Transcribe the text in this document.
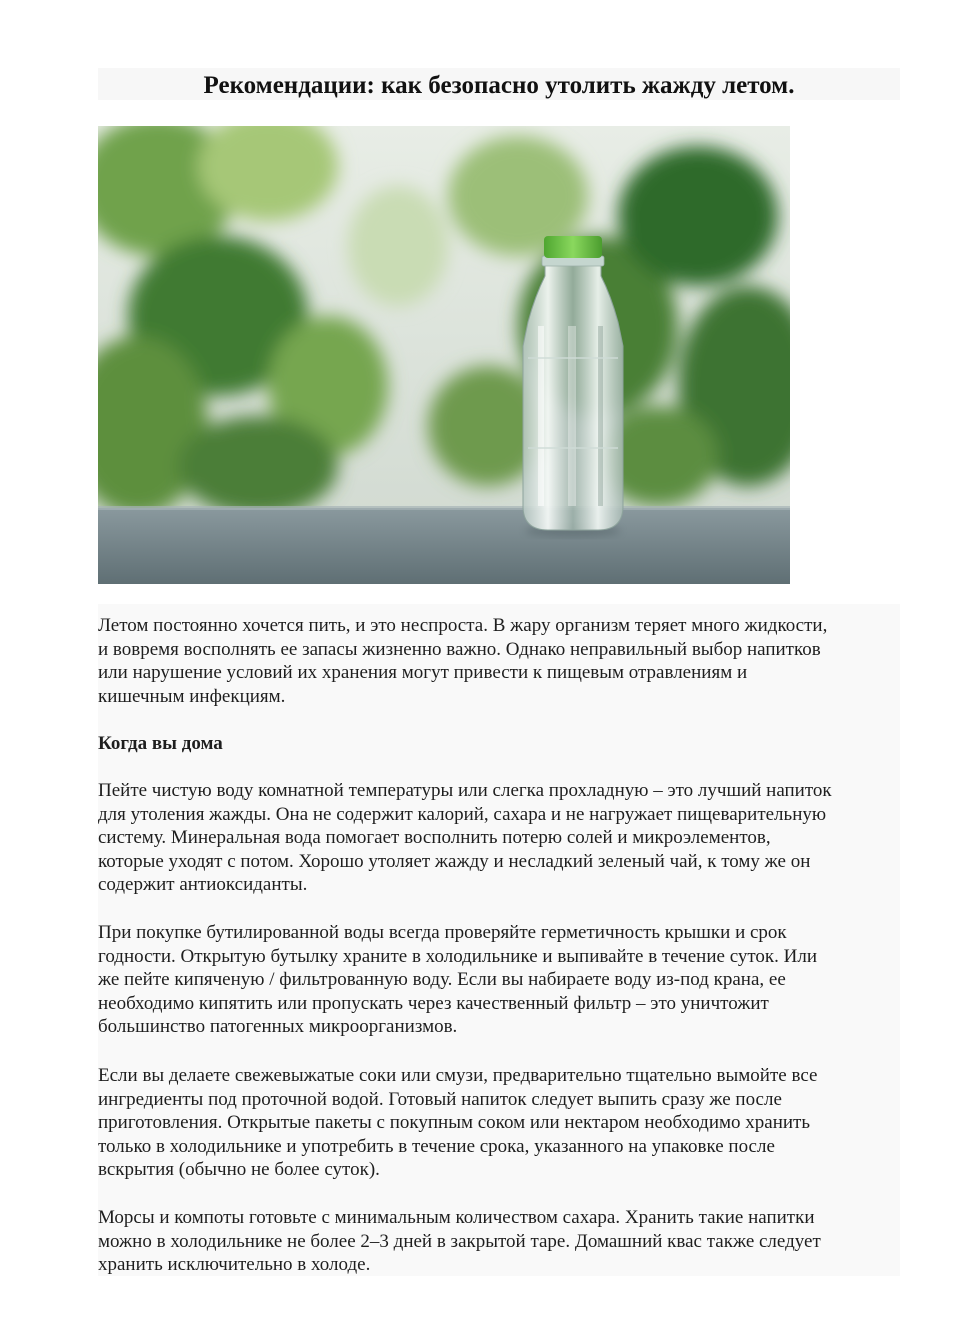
Рекомендации: как безопасно утолить жажду летом.

Летом постоянно хочется пить, и это неспроста. В жару организм теряет много жидкости,
и вовремя восполнять ее запасы жизненно важно. Однако неправильный выбор напитков
или нарушение условий их хранения могут привести к пищевым отравлениям и
кишечным инфекциям.

Когда вы дома

Пейте чистую воду комнатной температуры или слегка прохладную – это лучший напиток
для утоления жажды. Она не содержит калорий, сахара и не нагружает пищеварительную
систему. Минеральная вода помогает восполнить потерю солей и микроэлементов,
которые уходят с потом. Хорошо утоляет жажду и несладкий зеленый чай, к тому же он
содержит антиоксиданты.

При покупке бутилированной воды всегда проверяйте герметичность крышки и срок
годности. Открытую бутылку храните в холодильнике и выпивайте в течение суток. Или
же пейте кипяченую / фильтрованную воду. Если вы набираете воду из-под крана, ее
необходимо кипятить или пропускать через качественный фильтр – это уничтожит
большинство патогенных микроорганизмов.

Если вы делаете свежевыжатые соки или смузи, предварительно тщательно вымойте все
ингредиенты под проточной водой. Готовый напиток следует выпить сразу же после
приготовления. Открытые пакеты с покупным соком или нектаром необходимо хранить
только в холодильнике и употребить в течение срока, указанного на упаковке после
вскрытия (обычно не более суток).

Морсы и компоты готовьте с минимальным количеством сахара. Хранить такие напитки
можно в холодильнике не более 2–3 дней в закрытой таре. Домашний квас также следует
хранить исключительно в холоде.
